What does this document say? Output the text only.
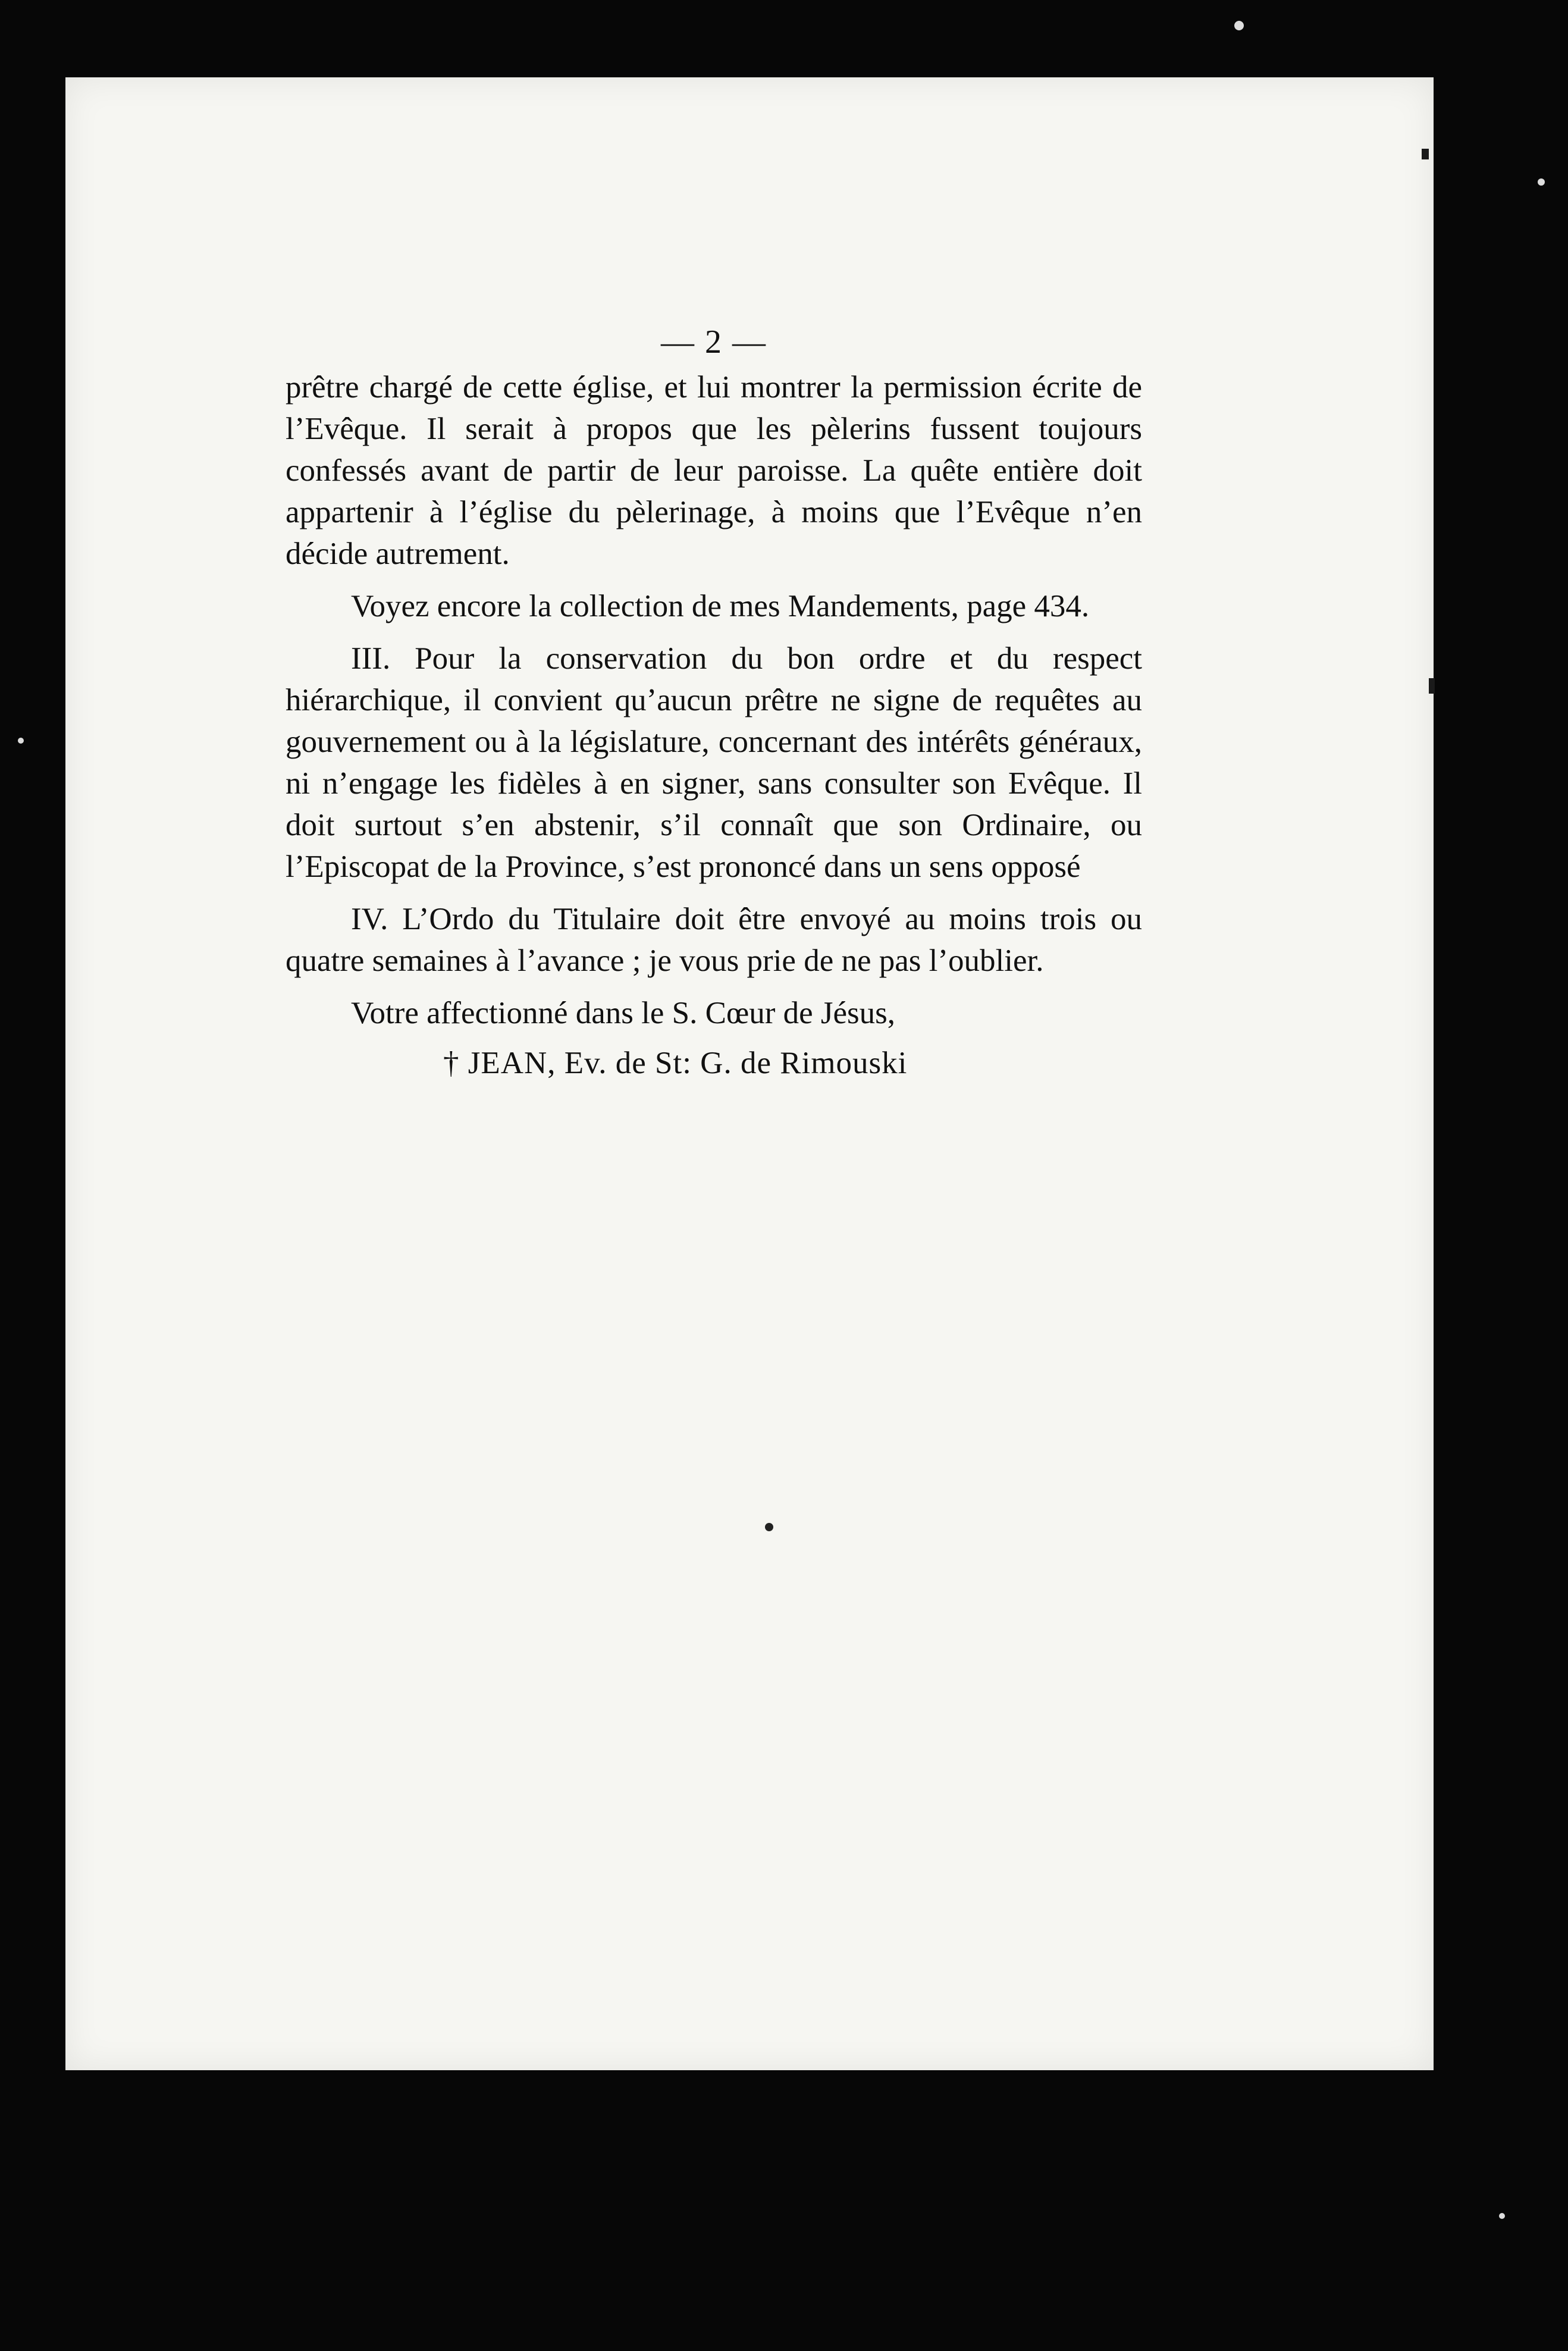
— 2 —

prêtre chargé de cette église, et lui montrer la permission écrite de l’Evêque. Il serait à propos que les pèlerins fussent toujours confessés avant de partir de leur paroisse. La quête entière doit appartenir à l’église du pèlerinage, à moins que l’Evêque n’en décide autrement.

Voyez encore la collection de mes Mandements, page 434.

III. Pour la conservation du bon ordre et du respect hiérarchique, il convient qu’aucun prêtre ne signe de requêtes au gouvernement ou à la législature, concernant des intérêts généraux, ni n’engage les fidèles à en signer, sans consulter son Evêque. Il doit surtout s’en abstenir, s’il connaît que son Ordinaire, ou l’Episcopat de la Province, s’est prononcé dans un sens opposé

IV. L’Ordo du Titulaire doit être envoyé au moins trois ou quatre semaines à l’avance ; je vous prie de ne pas l’oublier.

Votre affectionné dans le S. Cœur de Jésus,

† JEAN, Ev. de St: G. de Rimouski
